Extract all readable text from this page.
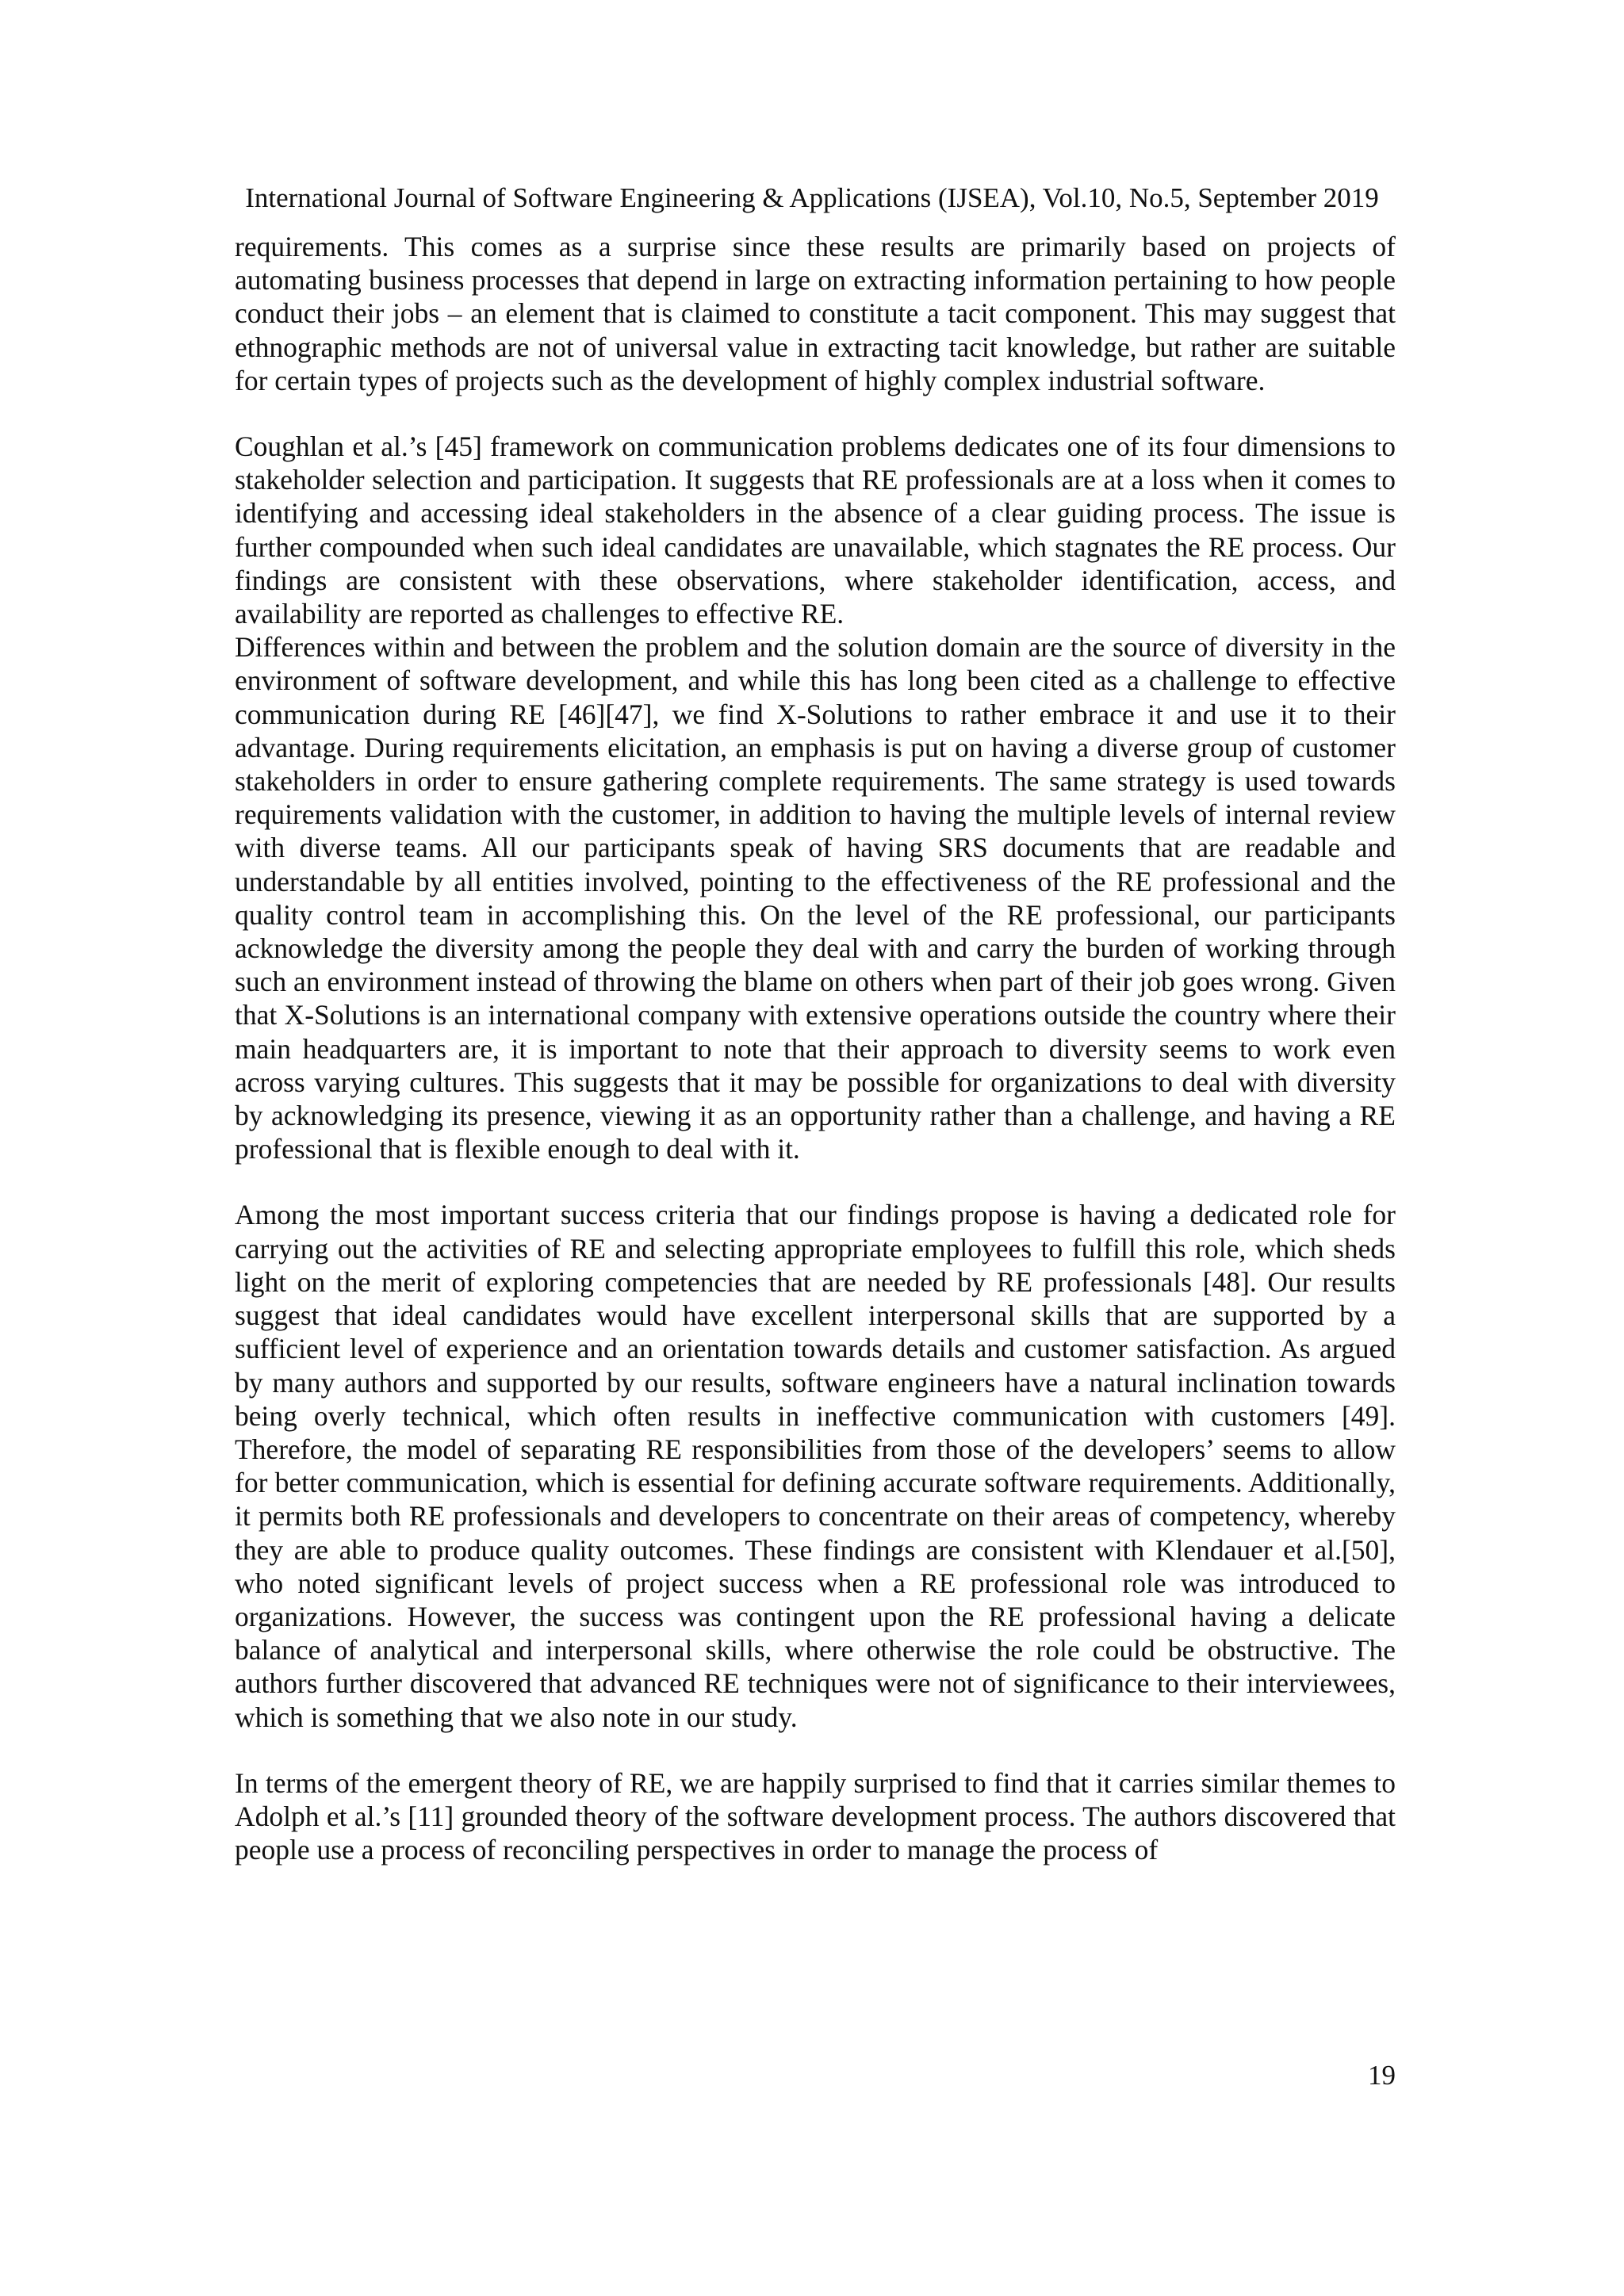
International Journal of Software Engineering & Applications (IJSEA), Vol.10, No.5, September 2019

requirements. This comes as a surprise since these results are primarily based on projects of automating business processes that depend in large on extracting information pertaining to how people conduct their jobs – an element that is claimed to constitute a tacit component. This may suggest that ethnographic methods are not of universal value in extracting tacit knowledge, but rather are suitable for certain types of projects such as the development of highly complex industrial software.

Coughlan et al.’s [45] framework on communication problems dedicates one of its four dimensions to stakeholder selection and participation. It suggests that RE professionals are at a loss when it comes to identifying and accessing ideal stakeholders in the absence of a clear guiding process. The issue is further compounded when such ideal candidates are unavailable, which stagnates the RE process. Our findings are consistent with these observations, where stakeholder identification, access, and availability are reported as challenges to effective RE.

Differences within and between the problem and the solution domain are the source of diversity in the environment of software development, and while this has long been cited as a challenge to effective communication during RE [46][47], we find X-Solutions to rather embrace it and use it to their advantage. During requirements elicitation, an emphasis is put on having a diverse group of customer stakeholders in order to ensure gathering complete requirements. The same strategy is used towards requirements validation with the customer, in addition to having the multiple levels of internal review with diverse teams. All our participants speak of having SRS documents that are readable and understandable by all entities involved, pointing to the effectiveness of the RE professional and the quality control team in accomplishing this. On the level of the RE professional, our participants acknowledge the diversity among the people they deal with and carry the burden of working through such an environment instead of throwing the blame on others when part of their job goes wrong. Given that X-Solutions is an international company with extensive operations outside the country where their main headquarters are, it is important to note that their approach to diversity seems to work even across varying cultures. This suggests that it may be possible for organizations to deal with diversity by acknowledging its presence, viewing it as an opportunity rather than a challenge, and having a RE professional that is flexible enough to deal with it.

Among the most important success criteria that our findings propose is having a dedicated role for carrying out the activities of RE and selecting appropriate employees to fulfill this role, which sheds light on the merit of exploring competencies that are needed by RE professionals [48]. Our results suggest that ideal candidates would have excellent interpersonal skills that are supported by a sufficient level of experience and an orientation towards details and customer satisfaction. As argued by many authors and supported by our results, software engineers have a natural inclination towards being overly technical, which often results in ineffective communication with customers [49]. Therefore, the model of separating RE responsibilities from those of the developers’ seems to allow for better communication, which is essential for defining accurate software requirements. Additionally, it permits both RE professionals and developers to concentrate on their areas of competency, whereby they are able to produce quality outcomes. These findings are consistent with Klendauer et al.[50], who noted significant levels of project success when a RE professional role was introduced to organizations. However, the success was contingent upon the RE professional having a delicate balance of analytical and interpersonal skills, where otherwise the role could be obstructive. The authors further discovered that advanced RE techniques were not of significance to their interviewees, which is something that we also note in our study.

In terms of the emergent theory of RE, we are happily surprised to find that it carries similar themes to Adolph et al.’s [11] grounded theory of the software development process. The authors discovered that people use a process of reconciling perspectives in order to manage the process of

19
